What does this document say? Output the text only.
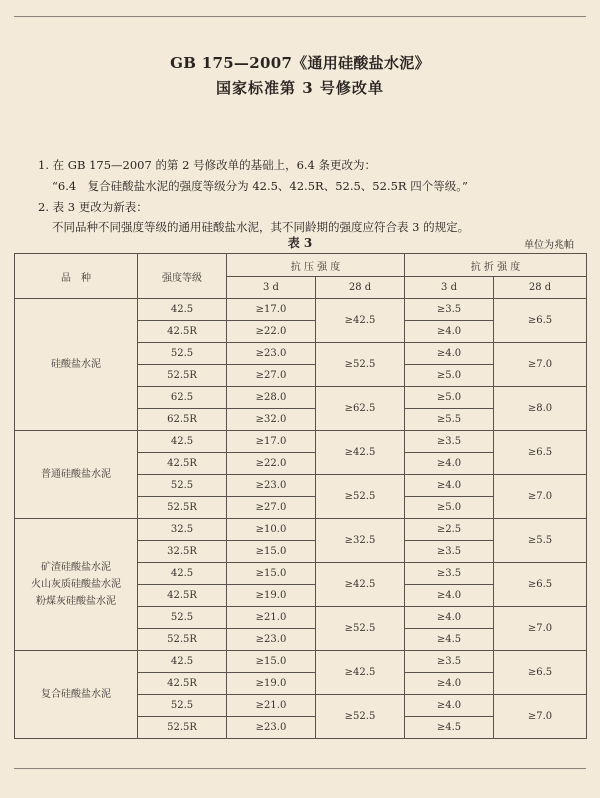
GB 175—2007《通用硅酸盐水泥》
国家标准第 3 号修改单
1. 在 GB 175—2007 的第 2 号修改单的基础上，6.4 条更改为：
“6.4　复合硅酸盐水泥的强度等级分为 42.5、42.5R、52.5、52.5R 四个等级。”
2. 表 3 更改为新表：
不同品种不同强度等级的通用硅酸盐水泥，其不同龄期的强度应符合表 3 的规定。
表 3	单位为兆帕
品　种	强度等级	抗 压 强 度		抗 折 强 度	
		3 d	28 d	3 d	28 d

硅酸盐水泥	42.5	≥17.0	≥42.5	≥3.5	≥6.5
	42.5R	≥22.0		≥4.0	
	52.5	≥23.0	≥52.5	≥4.0	≥7.0
	52.5R	≥27.0		≥5.0	
	62.5	≥28.0	≥62.5	≥5.0	≥8.0
	62.5R	≥32.0		≥5.5	

普通硅酸盐水泥	42.5	≥17.0	≥42.5	≥3.5	≥6.5
	42.5R	≥22.0		≥4.0	
	52.5	≥23.0	≥52.5	≥4.0	≥7.0
	52.5R	≥27.0		≥5.0	

矿渣硅酸盐水泥
火山灰质硅酸盐水泥
粉煤灰硅酸盐水泥	32.5	≥10.0	≥32.5	≥2.5	≥5.5
	32.5R	≥15.0		≥3.5	
	42.5	≥15.0	≥42.5	≥3.5	≥6.5
	42.5R	≥19.0		≥4.0	
	52.5	≥21.0	≥52.5	≥4.0	≥7.0
	52.5R	≥23.0		≥4.5	

复合硅酸盐水泥	42.5	≥15.0	≥42.5	≥3.5	≥6.5
	42.5R	≥19.0		≥4.0	
	52.5	≥21.0	≥52.5	≥4.0	≥7.0
	52.5R	≥23.0		≥4.5	
